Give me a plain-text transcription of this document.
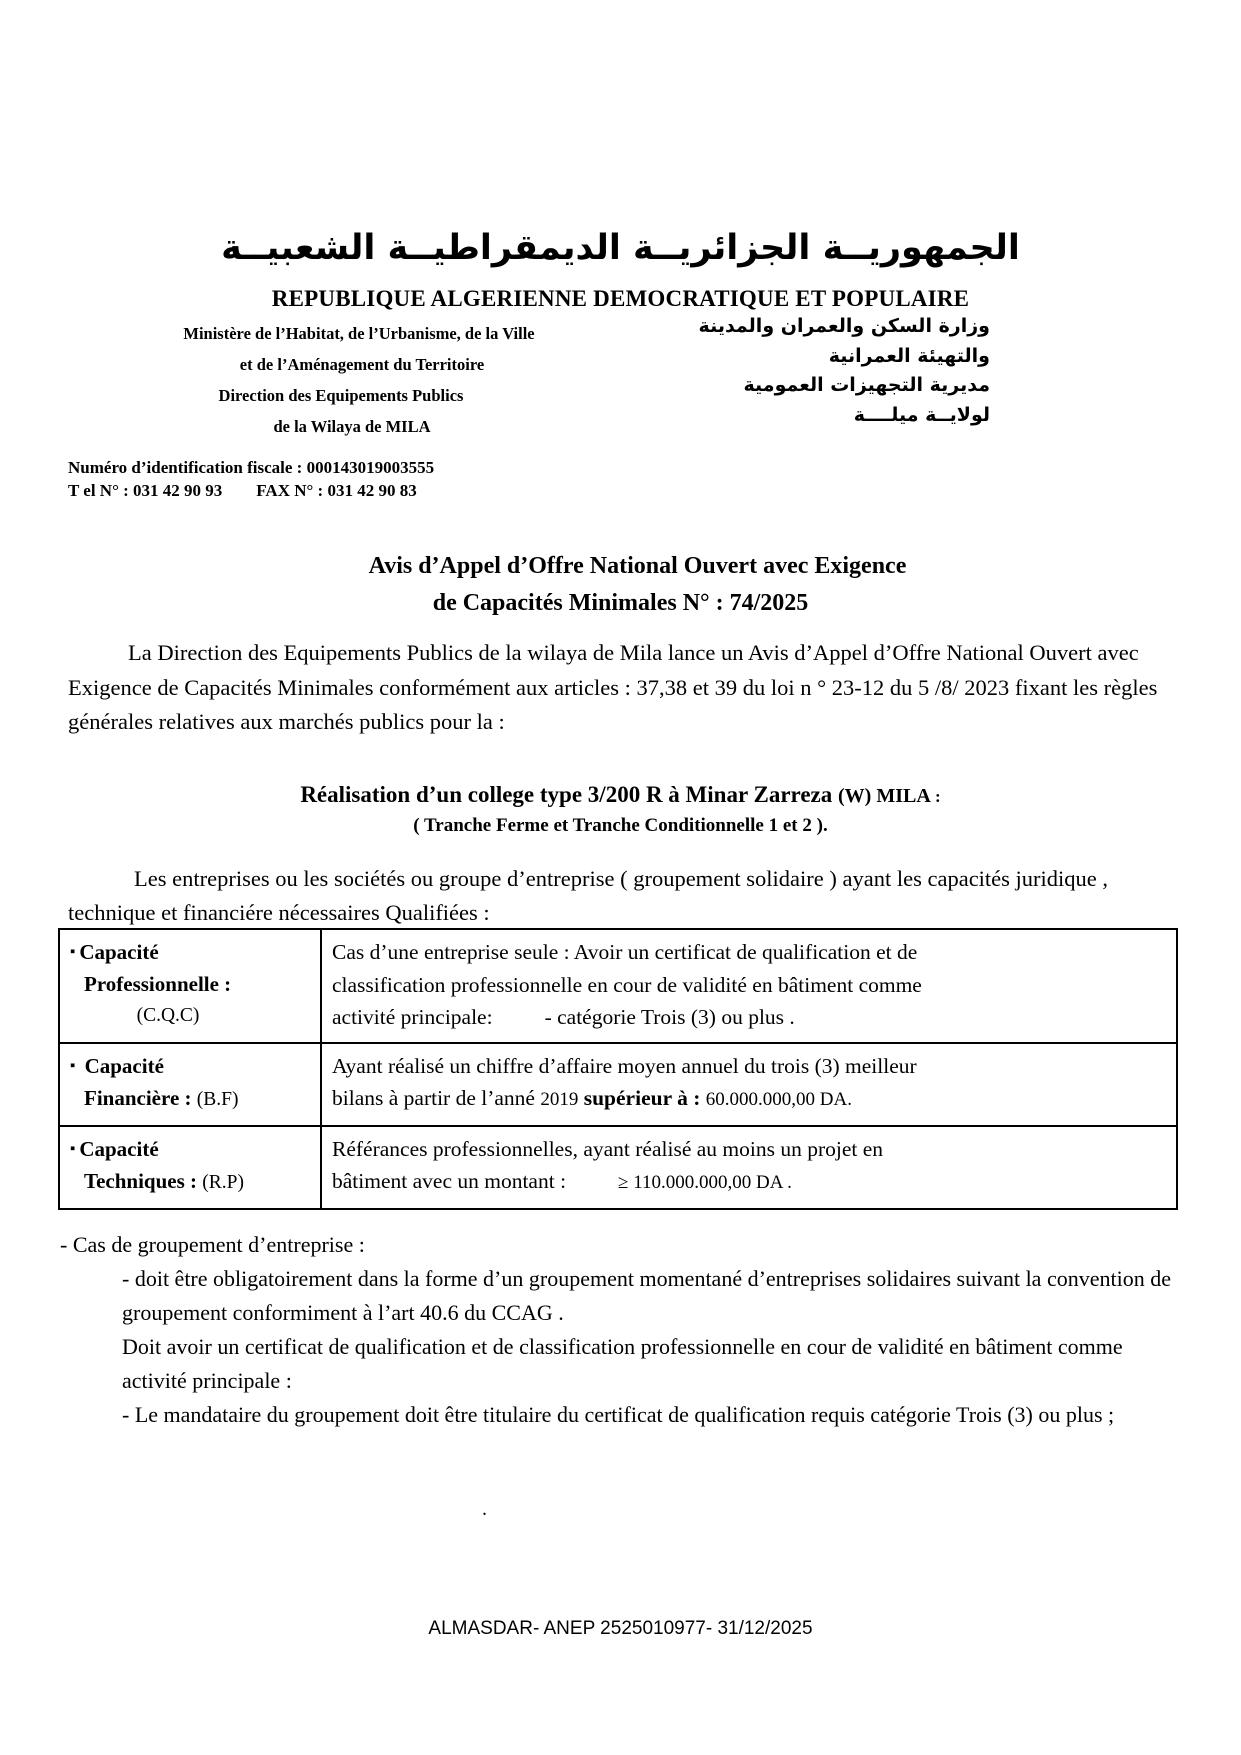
الجمهوريــة الجزائريــة الديمقراطيــة الشعبيــة
REPUBLIQUE ALGERIENNE DEMOCRATIQUE ET POPULAIRE
Ministère de l’Habitat, de l’Urbanisme, de la Ville
et de l’Aménagement du Territoire
Direction des Equipements Publics
de la Wilaya de MILA
وزارة السكن والعمران والمدينة
والتهيئة العمرانية
مديرية التجهيزات العمومية
لولايــة ميلــــة
Numéro d’identification fiscale : 000143019003555
T el N° : 031 42 90 93 FAX N° : 031 42 90 83
Avis d’Appel d’Offre National Ouvert avec Exigence
de Capacités Minimales N° : 74/2025
La Direction des Equipements Publics de la wilaya de Mila lance un Avis d’Appel d’Offre National Ouvert avec Exigence de Capacités Minimales conformément aux articles : 37,38 et 39 du loi n ° 23-12 du 5 /8/ 2023 fixant les règles générales relatives aux marchés publics pour la :
Réalisation d’un college type 3/200 R à Minar Zarreza (W) MILA :
( Tranche Ferme et Tranche Conditionnelle 1 et 2 ).
Les entreprises ou les sociétés ou groupe d’entreprise ( groupement solidaire ) ayant les capacités juridique , technique et financiére nécessaires Qualifiées :
▪ Capacité
Professionnelle :
(C.Q.C)	Cas d’une entreprise seule : Avoir un certificat de qualification et de
classification professionnelle en cour de validité en bâtiment comme
activité principale: - catégorie Trois (3) ou plus .
▪ Capacité
Financière : (B.F)	Ayant réalisé un chiffre d’affaire moyen annuel du trois (3) meilleur
bilans à partir de l’anné 2019 supérieur à : 60.000.000,00 DA.
▪ Capacité
Techniques : (R.P)	Référances professionnelles, ayant réalisé au moins un projet en
bâtiment avec un montant : ≥ 110.000.000,00 DA .
- Cas de groupement d’entreprise :

- doit être obligatoirement dans la forme d’un groupement momentané d’entreprises solidaires suivant la convention de groupement conformiment à l’art 40.6 du CCAG .

Doit avoir un certificat de qualification et de classification professionnelle en cour de validité en bâtiment comme activité principale :

- Le mandataire du groupement doit être titulaire du certificat de qualification requis catégorie Trois (3) ou plus ;

.
ALMASDAR- ANEP 2525010977- 31/12/2025
